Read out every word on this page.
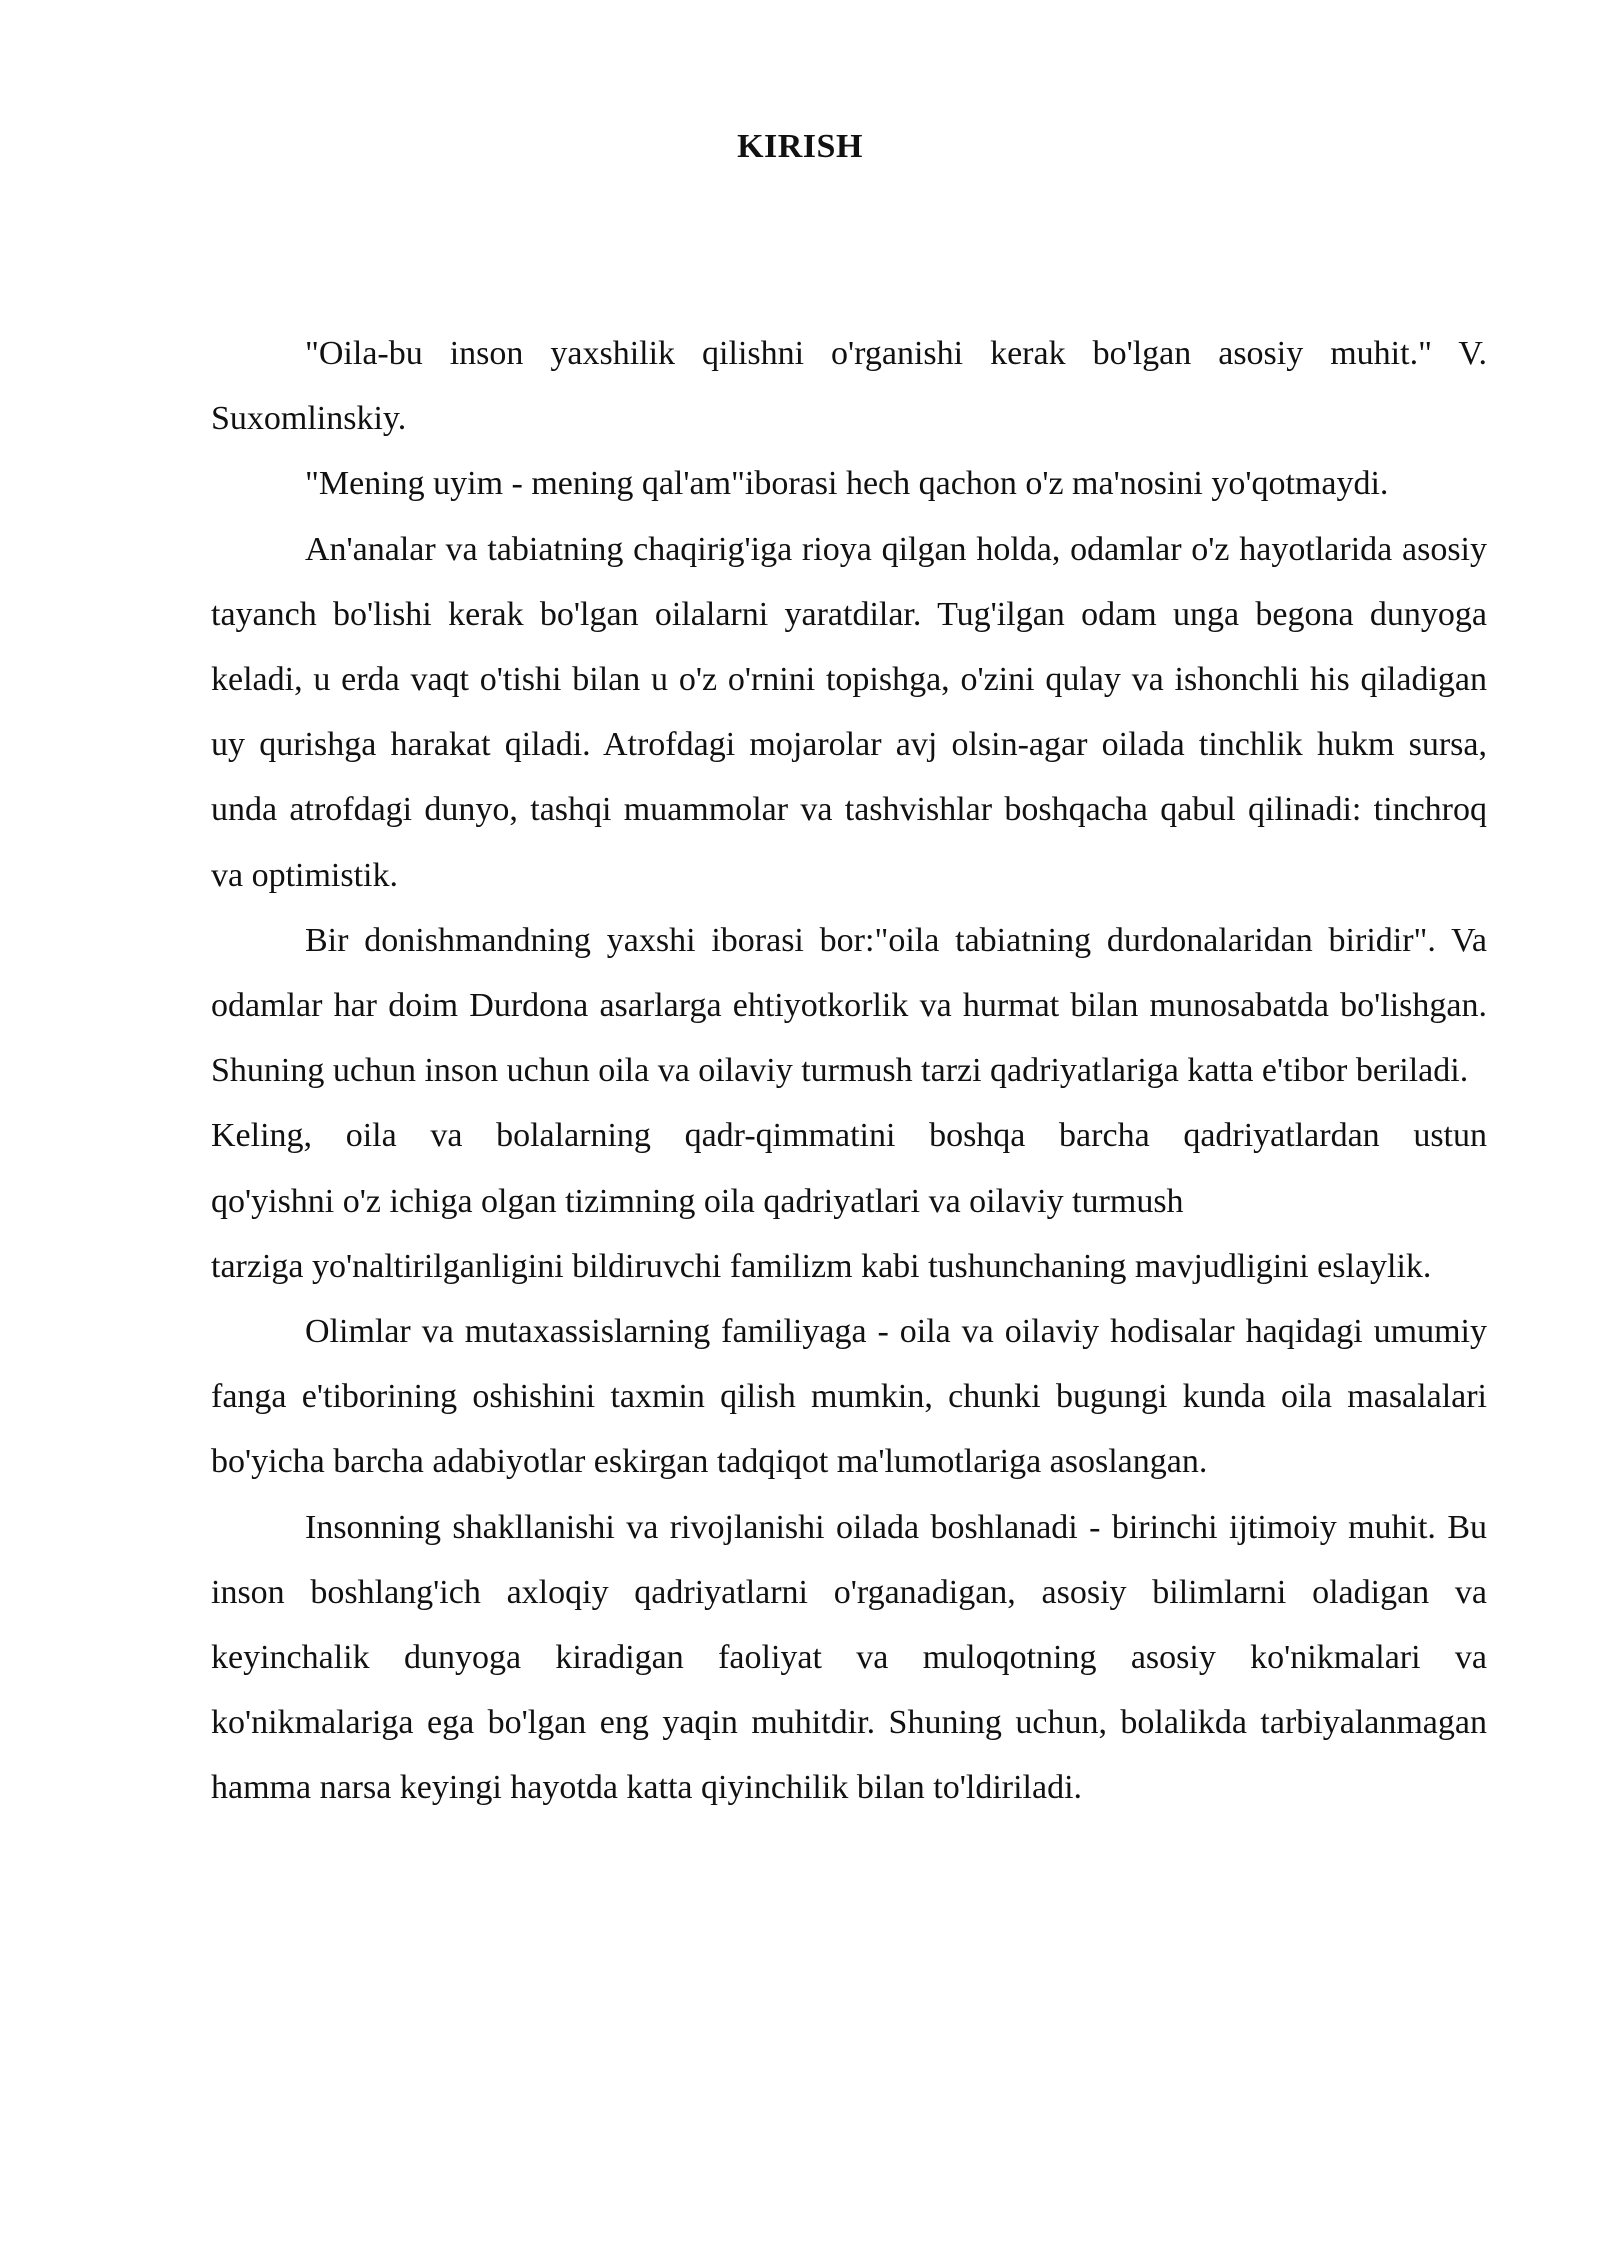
KIRISH

"Oila-bu inson yaxshilik qilishni o'rganishi kerak bo'lgan asosiy muhit." V. Suxomlinskiy.

"Mening uyim - mening qal'am"iborasi hech qachon o'z ma'nosini yo'qotmaydi.

An'analar va tabiatning chaqirig'iga rioya qilgan holda, odamlar o'z hayotlarida asosiy tayanch bo'lishi kerak bo'lgan oilalarni yaratdilar. Tug'ilgan odam unga begona dunyoga keladi, u erda vaqt o'tishi bilan u o'z o'rnini topishga, o'zini qulay va ishonchli his qiladigan uy qurishga harakat qiladi. Atrofdagi mojarolar avj olsin-agar oilada tinchlik hukm sursa, unda atrofdagi dunyo, tashqi muammolar va tashvishlar boshqacha qabul qilinadi: tinchroq va optimistik.

Bir donishmandning yaxshi iborasi bor:"oila tabiatning durdonalaridan biridir". Va odamlar har doim Durdona asarlarga ehtiyotkorlik va hurmat bilan munosabatda bo'lishgan. Shuning uchun inson uchun oila va oilaviy turmush tarzi qadriyatlariga katta e'tibor beriladi.

Keling, oila va bolalarning qadr-qimmatini boshqa barcha qadriyatlardan ustun
qo'yishni o'z ichiga olgan tizimning oila qadriyatlari va oilaviy turmush

tarziga yo'naltirilganligini bildiruvchi familizm kabi tushunchaning mavjudligini eslaylik.

Olimlar va mutaxassislarning familiyaga - oila va oilaviy hodisalar haqidagi umumiy fanga e'tiborining oshishini taxmin qilish mumkin, chunki bugungi kunda oila masalalari bo'yicha barcha adabiyotlar eskirgan tadqiqot ma'lumotlariga asoslangan.

Insonning shakllanishi va rivojlanishi oilada boshlanadi - birinchi ijtimoiy muhit. Bu inson boshlang'ich axloqiy qadriyatlarni o'rganadigan, asosiy bilimlarni oladigan va keyinchalik dunyoga kiradigan faoliyat va muloqotning asosiy ko'nikmalari va ko'nikmalariga ega bo'lgan eng yaqin muhitdir. Shuning uchun, bolalikda tarbiyalanmagan hamma narsa keyingi hayotda katta qiyinchilik bilan to'ldiriladi.
